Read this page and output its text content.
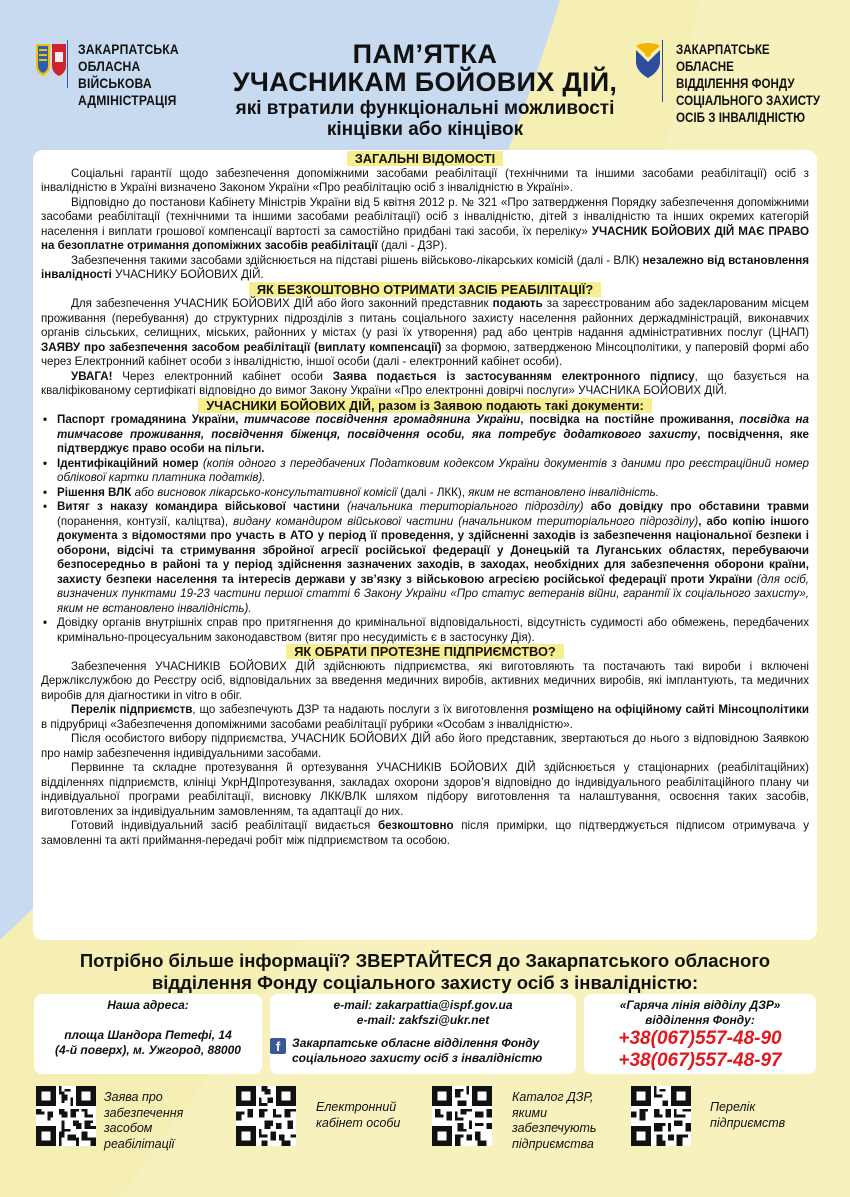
ЗАКАРПАТСЬКА
ОБЛАСНА
ВІЙСЬКОВА
АДМІНІСТРАЦІЯ
ПАМ’ЯТКА
УЧАСНИКАМ БОЙОВИХ ДІЙ,
які втратили функціональні можливості
кінцівки або кінцівок
ЗАКАРПАТСЬКЕ ОБЛАСНЕ
ВІДДІЛЕННЯ ФОНДУ
СОЦІАЛЬНОГО ЗАХИСТУ
ОСІБ З ІНВАЛІДНІСТЮ
ЗАГАЛЬНІ ВІДОМОСТІ

Соціальні гарантії щодо забезпечення допоміжними засобами реабілітації (технічними та іншими засобами реабілітації) осіб з інвалідністю в Україні визначено Законом України «Про реабілітацію осіб з інвалідністю в Україні».

Відповідно до постанови Кабінету Міністрів України від 5 квітня 2012 р. № 321 «Про затвердження Порядку забезпечення допоміжними засобами реабілітації (технічними та іншими засобами реабілітації) осіб з інвалідністю, дітей з інвалідністю та інших окремих категорій населення і виплати грошової компенсації вартості за самостійно придбані такі засоби, їх переліку» УЧАСНИК БОЙОВИХ ДІЙ МАЄ ПРАВО на безоплатне отримання допоміжних засобів реабілітації (далі - ДЗР).

Забезпечення такими засобами здійснюється на підставі рішень військово-лікарських комісій (далі - ВЛК) незалежно від встановлення інвалідності УЧАСНИКУ БОЙОВИХ ДІЙ.

ЯК БЕЗКОШТОВНО ОТРИМАТИ ЗАСІБ РЕАБІЛІТАЦІЇ?

Для забезпечення УЧАСНИК БОЙОВИХ ДІЙ або його законний представник подають за зареєстрованим або задекларованим місцем проживання (перебування) до структурних підрозділів з питань соціального захисту населення районних держадміністрацій, виконавчих органів сільських, селищних, міських, районних у містах (у разі їх утворення) рад або центрів надання адміністративних послуг (ЦНАП) ЗАЯВУ про забезпечення засобом реабілітації (виплату компенсації) за формою, затвердженою Мінсоцполітики, у паперовій формі або через Електронний кабінет особи з інвалідністю, іншої особи (далі - електронний кабінет особи).

УВАГА! Через електронний кабінет особи Заява подається із застосуванням електронного підпису, що базується на кваліфікованому сертифікаті відповідно до вимог Закону України «Про електронні довірчі послуги» УЧАСНИКА БОЙОВИХ ДІЙ.

УЧАСНИКИ БОЙОВИХ ДІЙ, разом із Заявою подають такі документи:
• Паспорт громадянина України, тимчасове посвідчення громадянина України, посвідка на постійне проживання, посвідка на тимчасове проживання, посвідчення біженця, посвідчення особи, яка потребує додаткового захисту, посвідчення, яке підтверджує право особи на пільги.
• Ідентифікаційний номер (копія одного з передбачених Податковим кодексом України документів з даними про реєстраційний номер облікової картки платника податків).
• Рішення ВЛК або висновок лікарсько-консультативної комісії (далі - ЛКК), яким не встановлено інвалідність.
• Витяг з наказу командира військової частини (начальника територіального підрозділу) або довідку про обставини травми (поранення, контузії, каліцтва), видану командиром військової частини (начальником територіального підрозділу), або копію іншого документа з відомостями про участь в АТО у період її проведення, у здійсненні заходів із забезпечення національної безпеки і оборони, відсічі та стримування збройної агресії російської федерації у Донецькій та Луганських областях, перебуваючи безпосередньо в районі та у період здійснення зазначених заходів, в заходах, необхідних для забезпечення оборони країни, захисту безпеки населення та інтересів держави у зв’язку з військовою агресією російської федерації проти України (для осіб, визначених пунктами 19-23 частини першої статті 6 Закону України «Про статус ветеранів війни, гарантії їх соціального захисту», яким не встановлено інвалідність).
• Довідку органів внутрішніх справ про притягнення до кримінальної відповідальності, відсутність судимості або обмежень, передбачених кримінально-процесуальним законодавством (витяг про несудимість є в застосунку Дія).
ЯК ОБРАТИ ПРОТЕЗНЕ ПІДПРИЄМСТВО?

Забезпечення УЧАСНИКІВ БОЙОВИХ ДІЙ здійснюють підприємства, які виготовляють та постачають такі вироби і включені Держлікслужбою до Реєстру осіб, відповідальних за введення медичних виробів, активних медичних виробів, які імплантують, та медичних виробів для діагностики in vitro в обіг.

Перелік підприємств, що забезпечують ДЗР та надають послуги з їх виготовлення розміщено на офіційному сайті Мінсоцполітики в підрубриці «Забезпечення допоміжними засобами реабілітації рубрики «Особам з інвалідністю».

Після особистого вибору підприємства, УЧАСНИК БОЙОВИХ ДІЙ або його представник, звертаються до нього з відповідною Заявкою про намір забезпечення індивідуальними засобами.

Первинне та складне протезування й ортезування УЧАСНИКІВ БОЙОВИХ ДІЙ здійснюється у стаціонарних (реабілітаційних) відділеннях підприємств, клініці УкрНДІпротезування, закладах охорони здоров’я відповідно до індивідуального реабілітаційного плану чи індивідуальної програми реабілітації, висновку ЛКК/ВЛК шляхом підбору виготовлення та налаштування, освоєння таких засобів, виготовлених за індивідуальним замовленням, та адаптації до них.

Готовий індивідуальний засіб реабілітації видається безкоштовно після примірки, що підтверджується підписом отримувача у замовленні та акті приймання-передачі робіт між підприємством та особою.

Потрібно більше інформації? ЗВЕРТАЙТЕСЯ до Закарпатського обласного
відділення Фонду соціального захисту осіб з інвалідністю:
Наша адреса:
площа Шандора Петефі, 14
(4-й поверх), м. Ужгород, 88000
e-mail: zakarpattia@ispf.gov.ua
e-mail: zakfszi@ukr.net
f Закарпатське обласне відділення Фонду соціального захисту осіб з інвалідністю
«Гаряча лінія відділу ДЗР»
відділення Фонду:
+38(067)557-48-90
+38(067)557-48-97
Заява про забезпечення засобом реабілітації
Електронний кабінет особи
Каталог ДЗР, якими забезпечують підприємства
Перелік підприємств
